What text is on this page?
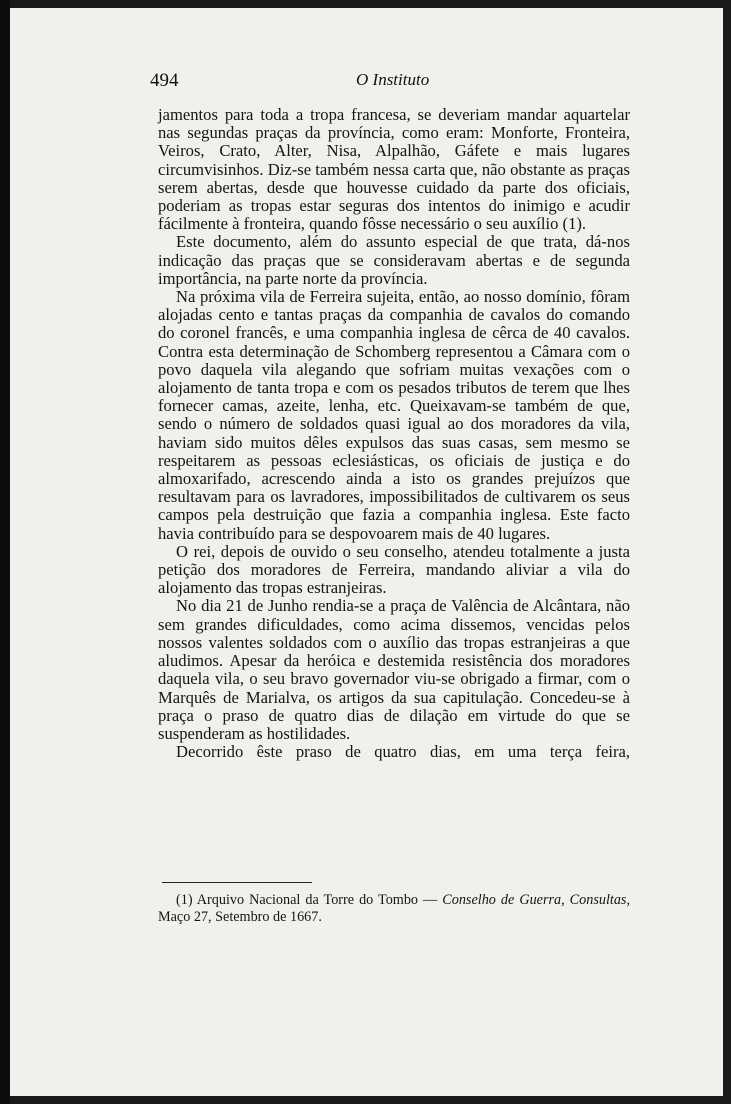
494	O Instituto

jamentos para toda a tropa francesa, se deveriam mandar aquartelar nas segundas praças da província, como eram: Monforte, Fronteira, Veiros, Crato, Alter, Nisa, Alpalhão, Gáfete e mais lugares circumvisinhos. Diz-se também nessa carta que, não obstante as praças serem abertas, desde que houvesse cuidado da parte dos oficiais, poderiam as tropas estar seguras dos intentos do inimigo e acudir fácilmente à fronteira, quando fôsse necessário o seu auxílio (1).

Este documento, além do assunto especial de que trata, dá-nos indicação das praças que se consideravam abertas e de segunda importância, na parte norte da província.

Na próxima vila de Ferreira sujeita, então, ao nosso domínio, fôram alojadas cento e tantas praças da companhia de cavalos do comando do coronel francês, e uma companhia inglesa de cêrca de 40 cavalos. Contra esta determinação de Schomberg representou a Câmara com o povo daquela vila alegando que sofriam muitas vexações com o alojamento de tanta tropa e com os pesados tributos de terem que lhes fornecer camas, azeite, lenha, etc. Queixavam-se também de que, sendo o número de soldados quasi igual ao dos moradores da vila, haviam sido muitos dêles expulsos das suas casas, sem mesmo se respeitarem as pessoas eclesiásticas, os oficiais de justiça e do almoxarifado, acrescendo ainda a isto os grandes prejuízos que resultavam para os lavradores, impossibilitados de cultivarem os seus campos pela destruição que fazia a companhia inglesa. Este facto havia contribuído para se despovoarem mais de 40 lugares.

O rei, depois de ouvido o seu conselho, atendeu totalmente a justa petição dos moradores de Ferreira, mandando aliviar a vila do alojamento das tropas estranjeiras.

No dia 21 de Junho rendia-se a praça de Valência de Alcântara, não sem grandes dificuldades, como acima dissemos, vencidas pelos nossos valentes soldados com o auxílio das tropas estranjeiras a que aludimos. Apesar da heróica e destemida resistência dos moradores daquela vila, o seu bravo governador viu-se obrigado a firmar, com o Marquês de Marialva, os artigos da sua capitulação. Concedeu-se à praça o praso de quatro dias de dilação em virtude do que se suspenderam as hostilidades.

Decorrido êste praso de quatro dias, em uma terça feira,

(1) Arquivo Nacional da Torre do Tombo — Conselho de Guerra, Consultas, Maço 27, Setembro de 1667.
